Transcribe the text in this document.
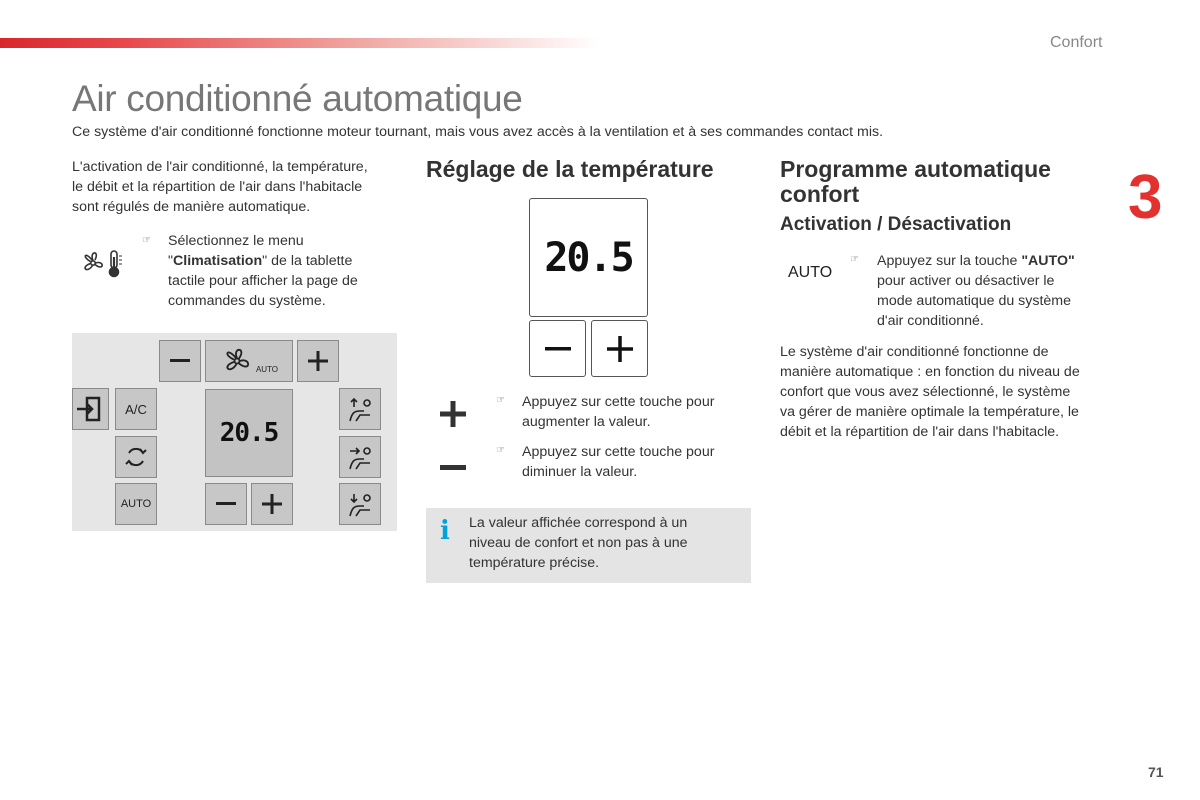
Confort
3
Air conditionné automatique
Ce système d'air conditionné fonctionne moteur tournant, mais vous avez accès à la ventilation et à ses commandes contact mis.
L'activation de l'air conditionné, la température,
le débit et la répartition de l'air dans l'habitacle
sont régulés de manière automatique.
☞ Sélectionnez le menu
"Climatisation" de la tablette
tactile pour afficher la page de
commandes du système.
AUTO
A/C
AUTO
20.5
Réglage de la température
20.5
☞ Appuyez sur cette touche pour
augmenter la valeur.
☞ Appuyez sur cette touche pour
diminuer la valeur.
i La valeur affichée correspond à un
niveau de confort et non pas à une
température précise.
Programme automatique
confort
Activation / Désactivation
AUTO
☞ Appuyez sur la touche "AUTO"
pour activer ou désactiver le
mode automatique du système
d'air conditionné.
Le système d'air conditionné fonctionne de
manière automatique : en fonction du niveau de
confort que vous avez sélectionné, le système
va gérer de manière optimale la température, le
débit et la répartition de l'air dans l'habitacle.
71
